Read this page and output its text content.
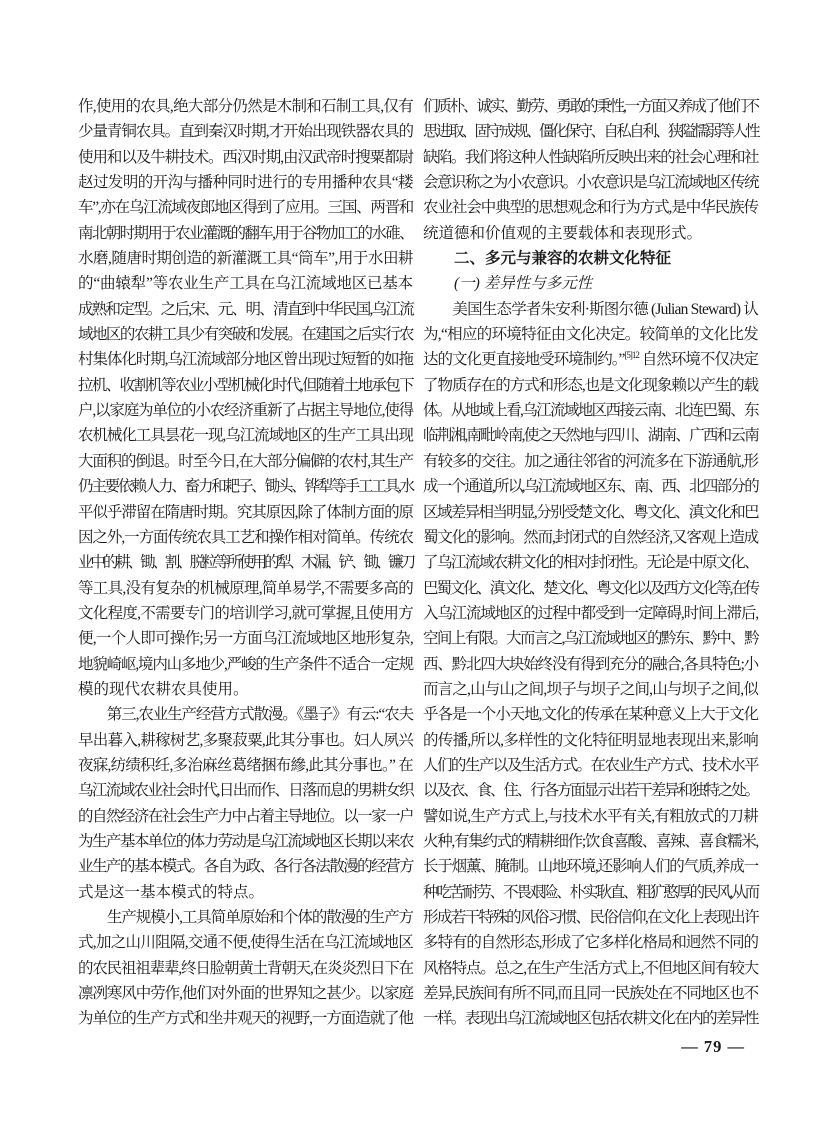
作,使用的农具,绝大部分仍然是木制和石制工具,仅有
少量青铜农具。直到秦汉时期,才开始出现铁器农具的
使用和以及牛耕技术。西汉时期,由汉武帝时搜粟都尉
赵过发明的开沟与播种同时进行的专用播种农具“耧
车”,亦在乌江流域夜郎地区得到了应用。三国、两晋和
南北朝时期用于农业灌溉的翻车,用于谷物加工的水碓、
水磨,随唐时期创造的新灌溉工具“筒车”,用于水田耕
的“曲辕犁”等农业生产工具在乌江流域地区已基本
成熟和定型。之后,宋、元、明、清直到中华民国,乌江流
域地区的农耕工具少有突破和发展。在建国之后实行农
村集体化时期,乌江流域部分地区曾出现过短暂的如拖
拉机、收割机等农业小型机械化时代,但随着土地承包下
户,以家庭为单位的小农经济重新了占据主导地位,使得
农机械化工具昙花一现,乌江流域地区的生产工具出现
大面积的倒退。时至今日,在大部分偏僻的农村,其生产
仍主要依赖人力、畜力和耙子、锄头、铧犁等手工工具,水
平似乎滞留在隋唐时期。究其原因,除了体制方面的原
因之外,一方面传统农具工艺和操作相对简单。传统农
业中的耕、锄、割、脱粒等所使用的犁、木漏、铲、锄、镰刀
等工具,没有复杂的机械原理,简单易学,不需要多高的
文化程度,不需要专门的培训学习,就可掌握,且使用方
便,一个人即可操作;另一方面乌江流域地区地形复杂,
地貌崎岖,境内山多地少,严峻的生产条件不适合一定规
模的现代农耕农具使用。
　　第三,农业生产经营方式散漫。《墨子》有云:“农夫
早出暮入,耕稼树艺,多聚菽粟,此其分事也。妇人夙兴
夜寐,纺绩积纴,多治麻丝葛绪捆布縿,此其分事也。” 在
乌江流域农业社会时代,日出而作、日落而息的男耕女织
的自然经济在社会生产力中占着主导地位。以一家一户
为生产基本单位的体力劳动是乌江流域地区长期以来农
业生产的基本模式。各自为政、各行各法散漫的经营方
式是这一基本模式的特点。
　　生产规模小,工具简单原始和个体的散漫的生产方
式,加之山川阻隔,交通不便,使得生活在乌江流域地区
的农民祖祖辈辈,终日脸朝黄土背朝天,在炎炎烈日下在
凛冽寒风中劳作,他们对外面的世界知之甚少。以家庭
为单位的生产方式和坐井观天的视野,一方面造就了他
们质朴、诚实、勤劳、勇敢的秉性,一方面又养成了他们不
思进取、固守成规、僵化保守、自私自利、狭隘懦弱等人性
缺陷。我们将这种人性缺陷所反映出来的社会心理和社
会意识称之为小农意识。小农意识是乌江流域地区传统
农业社会中典型的思想观念和行为方式,是中华民族传
统道德和价值观的主要载体和表现形式。
　　二、多元与兼容的农耕文化特征
　　(一) 差异性与多元性
　　美国生态学者朱安利·斯图尔德 (Julian Steward) 认
为,“相应的环境特征由文化决定。较简单的文化比发
达的文化更直接地受环境制约。”$^{[5]12}$ 自然环境不仅决定
了物质存在的方式和形态,也是文化现象赖以产生的载
体。从地域上看,乌江流域地区西接云南、北连巴蜀、东
临荆湘,南毗岭南,使之天然地与四川、湖南、广西和云南
有较多的交往。加之通往邻省的河流多在下游通航,形
成一个通道,所以,乌江流域地区东、南、西、北四部分的
区域差异相当明显,分别受楚文化、粤文化、滇文化和巴
蜀文化的影响。然而,封闭式的自然经济,又客观上造成
了乌江流域农耕文化的相对封闭性。无论是中原文化、
巴蜀文化、滇文化、楚文化、粤文化以及西方文化等,在传
入乌江流域地区的过程中都受到一定障碍,时间上滞后,
空间上有限。大而言之,乌江流域地区的黔东、黔中、黔
西、黔北四大块始终没有得到充分的融合,各具特色;小
而言之,山与山之间,坝子与坝子之间,山与坝子之间,似
乎各是一个小天地,文化的传承在某种意义上大于文化
的传播,所以,多样性的文化特征明显地表现出来,影响
人们的生产以及生活方式。在农业生产方式、技术水平
以及衣、食、住、行各方面显示出若干差异和独特之处。
譬如说,生产方式上,与技术水平有关,有粗放式的刀耕
火种,有集约式的精耕细作;饮食喜酸、喜辣、喜食糯米,
长于烟薰、腌制。山地环境,还影响人们的气质,养成一
种吃苦耐劳、不畏艰险、朴实耿直、粗犷憨厚的民风,从而
形成若干特殊的风俗习惯、民俗信仰,在文化上表现出许
多特有的自然形态,形成了它多样化格局和迥然不同的
风格特点。总之,在生产生活方式上,不但地区间有较大
差异,民族间有所不同,而且同一民族处在不同地区也不
一样。表现出乌江流域地区包括农耕文化在内的差异性
— 79 —
